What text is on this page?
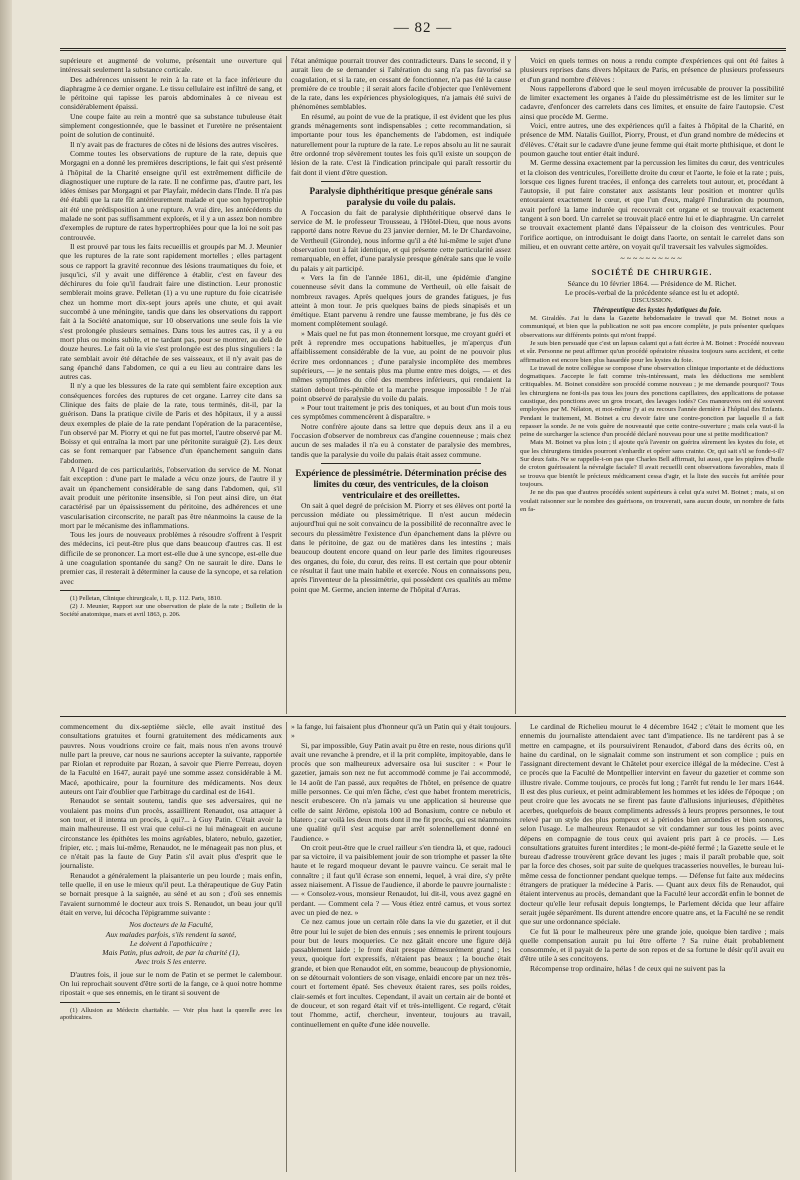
— 82 —

supérieure et augmenté de volume, présentait une ouverture qui intéressait seulement la substance corticale.

Des adhérences unissent le rein à la rate et la face inférieure du diaphragme à ce dernier organe. Le tissu cellulaire est infiltré de sang, et le péritoine qui tapisse les parois abdominales à ce niveau est considérablement épaissi.

Une coupe faite au rein a montré que sa substance tubuleuse était simplement congestionnée, que le bassinet et l'uretère ne présentaient point de solution de continuité.

Il n'y avait pas de fractures de côtes ni de lésions des autres viscères.

Comme toutes les observations de rupture de la rate, depuis que Morgagni en a donné les premières descriptions, le fait qui s'est présenté à l'hôpital de la Charité enseigne qu'il est extrêmement difficile de diagnostiquer une rupture de la rate. Il ne confirme pas, d'autre part, les idées émises par Morgagni et par Playfair, médecin dans l'Inde. Il n'a pas été établi que la rate fût antérieurement malade et que son hypertrophie ait été une prédisposition à une rupture. A vrai dire, les antécédents du malade ne sont pas suffisamment explorés, et il y a un assez bon nombre d'exemples de rupture de rates hypertrophiées pour que la loi ne soit pas controuvée.

Il est prouvé par tous les faits recueillis et groupés par M. J. Meunier que les ruptures de la rate sont rapidement mortelles ; elles partagent sous ce rapport la gravité reconnue des lésions traumatiques du foie, et jusqu'ici, s'il y avait une différence à établir, c'est en faveur des déchirures du foie qu'il faudrait faire une distinction. Leur pronostic semblerait moins grave. Pelletan (1) a vu une rupture du foie cicatrisée chez un homme mort dix-sept jours après une chute, et qui avait succombé à une méningite, tandis que dans les observations du rapport fait à la Société anatomique, sur 10 observations une seule fois la vie s'est prolongée plusieurs semaines. Dans tous les autres cas, il y a eu mort plus ou moins subite, et ne tardant pas, pour se montrer, au delà de douze heures. Le fait où la vie s'est prolongée est des plus singuliers : la rate semblait avoir été détachée de ses vaisseaux, et il n'y avait pas de sang épanché dans l'abdomen, ce qui a eu lieu au contraire dans les autres cas.

Il n'y a que les blessures de la rate qui semblent faire exception aux conséquences forcées des ruptures de cet organe. Larrey cite dans sa Clinique des faits de plaie de la rate, tous terminés, dit-il, par la guérison. Dans la pratique civile de Paris et des hôpitaux, il y a aussi deux exemples de plaie de la rate pendant l'opération de la paracentèse, l'un observé par M. Piorry et qui ne fut pas mortel, l'autre observé par M. Boissy et qui entraîna la mort par une péritonite suraiguë (2). Les deux cas se font remarquer par l'absence d'un épanchement sanguin dans l'abdomen.

A l'égard de ces particularités, l'observation du service de M. Nonat fait exception : d'une part le malade a vécu onze jours, de l'autre il y avait un épanchement considérable de sang dans l'abdomen, qui, s'il avait produit une péritonite insensible, si l'on peut ainsi dire, un état caractérisé par un épaississement du péritoine, des adhérences et une vascularisation circonscrite, ne paraît pas être néanmoins la cause de la mort par le mécanisme des inflammations.

Tous les jours de nouveaux problèmes à résoudre s'offrent à l'esprit des médecins, ici peut-être plus que dans beaucoup d'autres cas. Il est difficile de se prononcer. La mort est-elle due à une syncope, est-elle due à une coagulation spontanée du sang? On ne saurait le dire. Dans le premier cas, il resterait à déterminer la cause de la syncope, et sa relation avec

(1) Pelletan, Clinique chirurgicale, t. II, p. 112. Paris, 1810.

(2) J. Meunier, Rapport sur une observation de plaie de la rate ; Bulletin de la Société anatomique, mars et avril 1863, p. 206.

l'état anémique pourrait trouver des contradicteurs. Dans le second, il y aurait lieu de se demander si l'altération du sang n'a pas favorisé sa coagulation, et si la rate, en cessant de fonctionner, n'a pas été la cause première de ce trouble ; il serait alors facile d'objecter que l'enlèvement de la rate, dans les expériences physiologiques, n'a jamais été suivi de phénomènes semblables.

En résumé, au point de vue de la pratique, il est évident que les plus grands ménagements sont indispensables ; cette recommandation, si importante pour tous les épanchements de l'abdomen, est indiquée naturellement pour la rupture de la rate. Le repos absolu au lit ne saurait être ordonné trop sévèrement toutes les fois qu'il existe un soupçon de lésion de la rate. C'est là l'indication principale qui paraît ressortir du fait dont il vient d'être question.

Paralysie diphthéritique presque générale sans paralysie du voile du palais.

A l'occasion du fait de paralysie diphthéritique observé dans le service de M. le professeur Trousseau, à l'Hôtel-Dieu, que nous avons rapporté dans notre Revue du 23 janvier dernier, M. le Dr Chardavoine, de Vertheuil (Gironde), nous informe qu'il a été lui-même le sujet d'une observation tout à fait identique, et qui présente cette particularité assez remarquable, en effet, d'une paralysie presque générale sans que le voile du palais y ait participé.

« Vers la fin de l'année 1861, dit-il, une épidémie d'angine couenneuse sévit dans la commune de Vertheuil, où elle faisait de nombreux ravages. Après quelques jours de grandes fatigues, je fus atteint à mon tour. Je pris quelques bains de pieds sinapisés et un émétique. Etant parvenu à rendre une fausse membrane, je fus dès ce moment complètement soulagé.

» Mais quel ne fut pas mon étonnement lorsque, me croyant guéri et prêt à reprendre mes occupations habituelles, je m'aperçus d'un affaiblissement considérable de la vue, au point de ne pouvoir plus écrire mes ordonnances ; d'une paralysie incomplète des membres supérieurs, — je ne sentais plus ma plume entre mes doigts, — et des mêmes symptômes du côté des membres inférieurs, qui rendaient la station debout très-pénible et la marche presque impossible ! Je n'ai point observé de paralysie du voile du palais.

» Pour tout traitement je pris des toniques, et au bout d'un mois tous ces symptômes commencèrent à disparaître. »

Notre confrère ajoute dans sa lettre que depuis deux ans il a eu l'occasion d'observer de nombreux cas d'angine couenneuse ; mais chez aucun de ses malades il n'a eu à constater de paralysie des membres, tandis que la paralysie du voile du palais était assez commune.

Expérience de plessimétrie. Détermination précise des limites du cœur, des ventricules, de la cloison ventriculaire et des oreillettes.

On sait à quel degré de précision M. Piorry et ses élèves ont porté la percussion médiate ou plessimétrique. Il n'est aucun médecin aujourd'hui qui ne soit convaincu de la possibilité de reconnaître avec le secours du plessimètre l'existence d'un épanchement dans la plèvre ou dans le péritoine, de gaz ou de matières dans les intestins ; mais beaucoup doutent encore quand on leur parle des limites rigoureuses des organes, du foie, du cœur, des reins. Il est certain que pour obtenir ce résultat il faut une main habile et exercée. Nous en connaissons peu, après l'inventeur de la plessimétrie, qui possèdent ces qualités au même point que M. Germe, ancien interne de l'hôpital d'Arras.

Voici en quels termes on nous a rendu compte d'expériences qui ont été faites à plusieurs reprises dans divers hôpitaux de Paris, en présence de plusieurs professeurs et d'un grand nombre d'élèves :

Nous rappellerons d'abord que le seul moyen irrécusable de prouver la possibilité de limiter exactement les organes à l'aide du plessimétrisme est de les limiter sur le cadavre, d'enfoncer des carrelets dans ces limites, et ensuite de faire l'autopsie. C'est ainsi que procède M. Germe.

Voici, entre autres, une des expériences qu'il a faites à l'hôpital de la Charité, en présence de MM. Natalis Guillot, Piorry, Proust, et d'un grand nombre de médecins et d'élèves. C'était sur le cadavre d'une jeune femme qui était morte phthisique, et dont le poumon gauche tout entier était induré.

M. Germe dessina exactement par la percussion les limites du cœur, des ventricules et la cloison des ventricules, l'oreillette droite du cœur et l'aorte, le foie et la rate ; puis, lorsque ces lignes furent tracées, il enfonça des carrelets tout autour, et, procédant à l'autopsie, il put faire constater aux assistants leur position et montrer qu'ils entouraient exactement le cœur, et que l'un d'eux, malgré l'induration du poumon, avait perforé la lame indurée qui recouvrait cet organe et se trouvait exactement tangent à son bord. Un carrelet se trouvait placé entre lui et le diaphragme. Un carrelet se trouvait exactement planté dans l'épaisseur de la cloison des ventricules. Pour l'orifice aortique, on introduisant le doigt dans l'aorte, on sentait le carrelet dans son milieu, et en ouvrant cette artère, on voyait qu'il traversait les valvules sigmoïdes.

~~~~~~~~~~
SOCIÉTÉ DE CHIRURGIE.

Séance du 10 février 1864. — Présidence de M. Richet.

Le procès-verbal de la précédente séance est lu et adopté.

DISCUSSION.

Thérapeutique des kystes hydatiques du foie.

M. Giraldès. J'ai lu dans la Gazette hebdomadaire le travail que M. Boinet nous a communiqué, et bien que la publication ne soit pas encore complète, je puis présenter quelques observations sur différents points qui m'ont frappé.

Je suis bien persuadé que c'est un lapsus calami qui a fait écrire à M. Boinet : Procédé nouveau et sûr. Personne ne peut affirmer qu'un procédé opératoire réussira toujours sans accident, et cette affirmation est encore bien plus hasardée pour les kystes du foie.

Le travail de notre collègue se compose d'une observation clinique importante et de déductions dogmatiques. J'accepte le fait comme très-intéressant, mais les déductions me semblent critiquables. M. Boinet considère son procédé comme nouveau ; je me demande pourquoi? Tous les chirurgiens ne font-ils pas tous les jours des ponctions capillaires, des applications de potasse caustique, des ponctions avec un gros trocart, des lavages iodés? Ces manœuvres ont été souvent employées par M. Nélaton, et moi-même j'y ai eu recours l'année dernière à l'hôpital des Enfants. Pendant le traitement, M. Boinet a cru devoir faire une contre-ponction par laquelle il a fait repasser la sonde. Je ne vois guère de nouveauté que cette contre-ouverture ; mais cela vaut-il la peine de surcharger la science d'un procédé déclaré nouveau pour une si petite modification?

Mais M. Boinet va plus loin ; il ajoute qu'à l'avenir on guérira sûrement les kystes du foie, et que les chirurgiens timides pourront s'enhardir et opérer sans crainte. Or, qui sait s'il se fonde-t-il? Sur deux faits. Ne se rappelle-t-on pas que Charles Bell affirmait, lui aussi, que les piqûres d'huile de croton guérissaient la névralgie faciale? Il avait recueilli cent observations favorables, mais il se trouva que bientôt le précieux médicament cessa d'agir, et la liste des succès fut arrêtée pour toujours.

Je ne dis pas que d'autres procédés soient supérieurs à celui qu'a suivi M. Boinet ; mais, si on voulait raisonner sur le nombre des guérisons, on trouverait, sans aucun doute, un nombre de faits en fa-

commencement du dix-septième siècle, elle avait institué des consultations gratuites et fourni gratuitement des médicaments aux pauvres. Nous voudrions croire ce fait, mais nous n'en avons trouvé nulle part la preuve, car nous ne saurions accepter la suivante, rapportée par Riolan et reproduite par Rozan, à savoir que Pierre Perreau, doyen de la Faculté en 1647, aurait payé une somme assez considérable à M. Macé, apothicaire, pour la fourniture des médicaments. Nos deux auteurs ont l'air d'oublier que l'arbitrage du cardinal est de 1641.

Renaudot se sentait soutenu, tandis que ses adversaires, qui ne voulaient pas moins d'un procès, assaillirent Renaudot, osa attaquer à son tour, et il intenta un procès, à qui?... à Guy Patin. C'était avoir la main malheureuse. Il est vrai que celui-ci ne lui ménageait en aucune circonstance les épithètes les moins agréables, blatero, nebulo, gazetier, fripier, etc. ; mais lui-même, Renaudot, ne le ménageait pas non plus, et ce n'était pas la faute de Guy Patin s'il avait plus d'esprit que le journaliste.

Renaudot a généralement la plaisanterie un peu lourde ; mais enfin, telle quelle, il en use le mieux qu'il peut. La thérapeutique de Guy Patin se bornait presque à la saignée, au séné et au son ; d'où ses ennemis l'avaient surnommé le docteur aux trois S. Renaudot, un beau jour qu'il était en verve, lui décocha l'épigramme suivante :

Nos docteurs de la Faculté,
Aux malades parfois, s'ils rendent la santé,
Le doivent à l'apothicaire ;
Mais Patin, plus adroit, de par la charité (1),
Avec trois S les enterre.

D'autres fois, il joue sur le nom de Patin et se permet le calembour. On lui reprochait souvent d'être sorti de la fange, ce à quoi notre homme ripostait « que ses ennemis, en le tirant si souvent de

(1) Allusion au Médecin charitable. — Voir plus haut la querelle avec les apothicaires.

» la fange, lui faisaient plus d'honneur qu'à un Patin qui y était toujours. »

Si, par impossible, Guy Patin avait pu être en reste, nous dirions qu'il avait une revanche à prendre, et il la prit complète, impitoyable, dans le procès que son malheureux adversaire osa lui susciter : « Pour le gazetier, jamais son nez ne fut accommodé comme je l'ai accommodé, le 14 août de l'an passé, aux requêtes de l'hôtel, en présence de quatre mille personnes. Ce qui m'en fâche, c'est que habet frontem meretricis, nescit erubescere. On n'a jamais vu une application si heureuse que celle de saint Jérôme, epistola 100 ad Bonasium, contre ce nebulo et blatero ; car voilà les deux mots dont il me fit procès, qui est néanmoins une qualité qu'il s'est acquise par arrêt solennellement donné en l'audience. »

On croit peut-être que le cruel railleur s'en tiendra là, et que, radouci par sa victoire, il va paisiblement jouir de son triomphe et passer la tête haute et le regard moqueur devant le pauvre vaincu. Ce serait mal le connaître ; il faut qu'il écrase son ennemi, lequel, à vrai dire, s'y prête assez niaisement. A l'issue de l'audience, il aborde le pauvre journaliste : — « Consolez-vous, monsieur Renaudot, lui dit-il, vous avez gagné en perdant. — Comment cela ? — Vous étiez entré camus, et vous sortez avec un pied de nez. »

Ce nez camus joue un certain rôle dans la vie du gazetier, et il dut être pour lui le sujet de bien des ennuis ; ses ennemis le prirent toujours pour but de leurs moqueries. Ce nez gâtait encore une figure déjà passablement laide ; le front était presque démesurément grand ; les yeux, quoique fort expressifs, n'étaient pas beaux ; la bouche était grande, et bien que Renaudot eût, en somme, beaucoup de physionomie, on se détournait volontiers de son visage, enlaidi encore par un nez très-court et fortement épaté. Ses cheveux étaient rares, ses poils roides, clair-semés et fort incultes. Cependant, il avait un certain air de bonté et de douceur, et son regard était vif et très-intelligent. Ce regard, c'était tout l'homme, actif, chercheur, inventeur, toujours au travail, continuellement en quête d'une idée nouvelle.

Le cardinal de Richelieu mourut le 4 décembre 1642 ; c'était le moment que les ennemis du journaliste attendaient avec tant d'impatience. Ils ne tardèrent pas à se mettre en campagne, et ils poursuivirent Renaudot, d'abord dans des écrits où, en haine du cardinal, on le signalait comme son instrument et son complice ; puis en l'assignant directement devant le Châtelet pour exercice illégal de la médecine. C'est à ce procès que la Faculté de Montpellier intervint en faveur du gazetier et comme son illustre rivale. Comme toujours, ce procès fut long ; l'arrêt fut rendu le 1er mars 1644. Il est des plus curieux, et peint admirablement les hommes et les idées de l'époque ; on peut croire que les avocats ne se firent pas faute d'allusions injurieuses, d'épithètes acerbes, quelquefois de beaux compliments adressés à leurs propres personnes, le tout relevé par un style des plus pompeux et à périodes bien arrondies et bien sonores, selon l'usage. Le malheureux Renaudot se vit condamner sur tous les points avec dépens en compagnie de tous ceux qui avaient pris part à ce procès. — Les consultations gratuites furent interdites ; le mont-de-piété fermé ; la Gazette seule et le bureau d'adresse trouvèrent grâce devant les juges ; mais il paraît probable que, soit par la force des choses, soit par suite de quelques tracasseries nouvelles, le bureau lui-même cessa de fonctionner pendant quelque temps. — Défense fut faite aux médecins étrangers de pratiquer la médecine à Paris. — Quant aux deux fils de Renaudot, qui étaient intervenus au procès, demandant que la Faculté leur accordât enfin le bonnet de docteur qu'elle leur refusait depuis longtemps, le Parlement décida que leur affaire serait jugée séparément. Ils durent attendre encore quatre ans, et la Faculté ne se rendit que sur une ordonnance spéciale.

Ce fut là pour le malheureux père une grande joie, quoique bien tardive ; mais quelle compensation aurait pu lui être offerte ? Sa ruine était probablement consommée, et il payait de la perte de son repos et de sa fortune le désir qu'il avait eu d'être utile à ses concitoyens.

Récompense trop ordinaire, hélas ! de ceux qui ne suivent pas la
